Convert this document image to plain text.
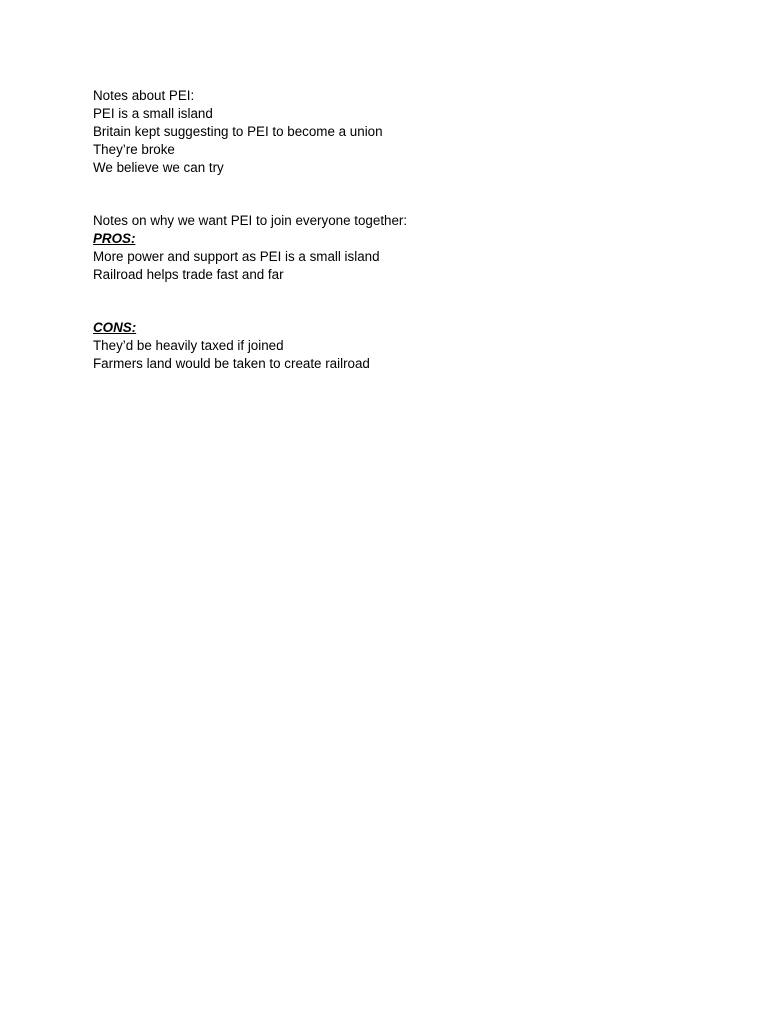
Notes about PEI:
PEI is a small island
Britain kept suggesting to PEI to become a union
They’re broke
We believe we can try
Notes on why we want PEI to join everyone together:
PROS:
More power and support as PEI is a small island
Railroad helps trade fast and far
CONS:
They’d be heavily taxed if joined
Farmers land would be taken to create railroad
